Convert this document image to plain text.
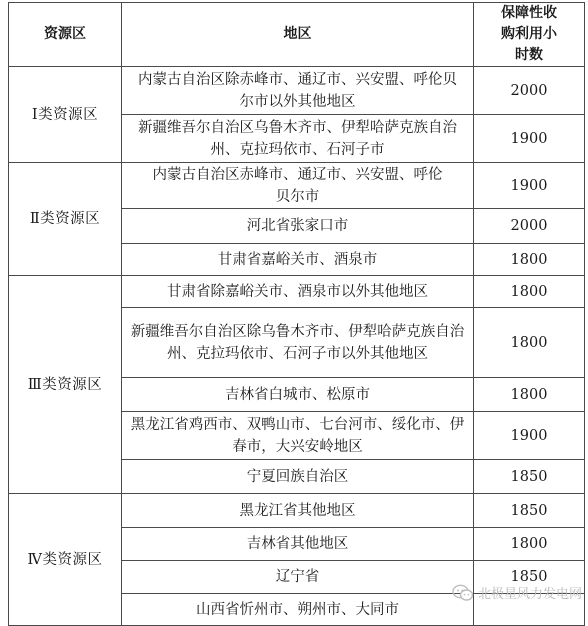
资源区	地区	保障性收购利用小时数
Ⅰ类资源区	内蒙古自治区除赤峰市、通辽市、兴安盟、呼伦贝尔市以外其他地区	2000
	新疆维吾尔自治区乌鲁木齐市、伊犁哈萨克族自治州、克拉玛依市、石河子市	1900
Ⅱ类资源区	内蒙古自治区赤峰市、通辽市、兴安盟、呼伦贝尔市	1900
	河北省张家口市	2000
	甘肃省嘉峪关市、酒泉市	1800
Ⅲ类资源区	甘肃省除嘉峪关市、酒泉市以外其他地区	1800
	新疆维吾尔自治区除乌鲁木齐市、伊犁哈萨克族自治州、克拉玛依市、石河子市以外其他地区	1800
	吉林省白城市、松原市	1800
	黑龙江省鸡西市、双鸭山市、七台河市、绥化市、伊春市，大兴安岭地区	1900
	宁夏回族自治区	1850
Ⅳ类资源区	黑龙江省其他地区	1850
	吉林省其他地区	1800
	辽宁省	1850
	山西省忻州市、朔州市、大同市	
北极星风力发电网
